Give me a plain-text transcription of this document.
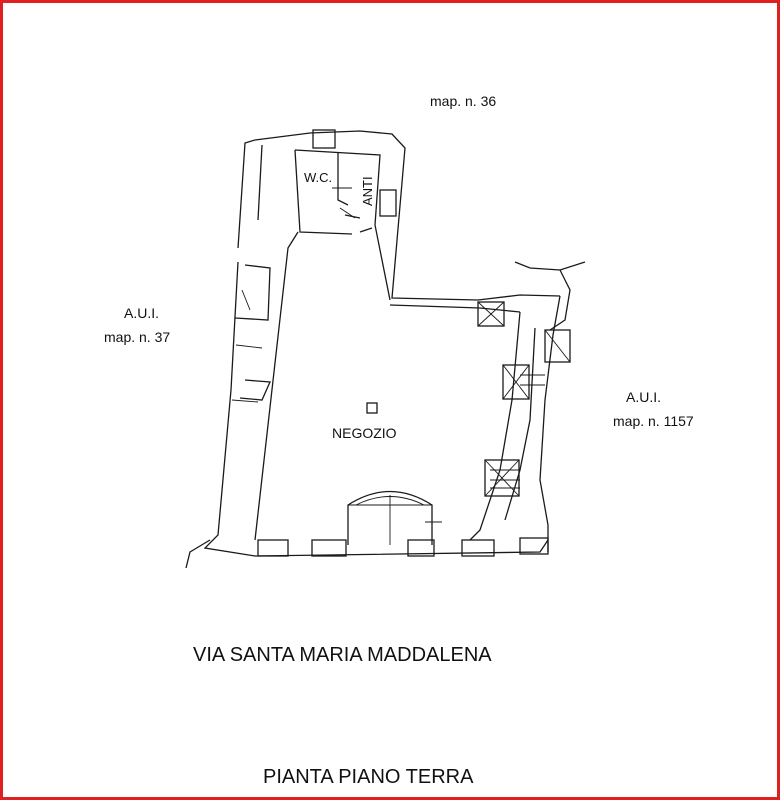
map. n. 36
A.U.I.
map. n. 37
A.U.I.
map. n. 1157
W.C. ANTI
NEGOZIO
VIA SANTA MARIA MADDALENA
PIANTA PIANO TERRA
